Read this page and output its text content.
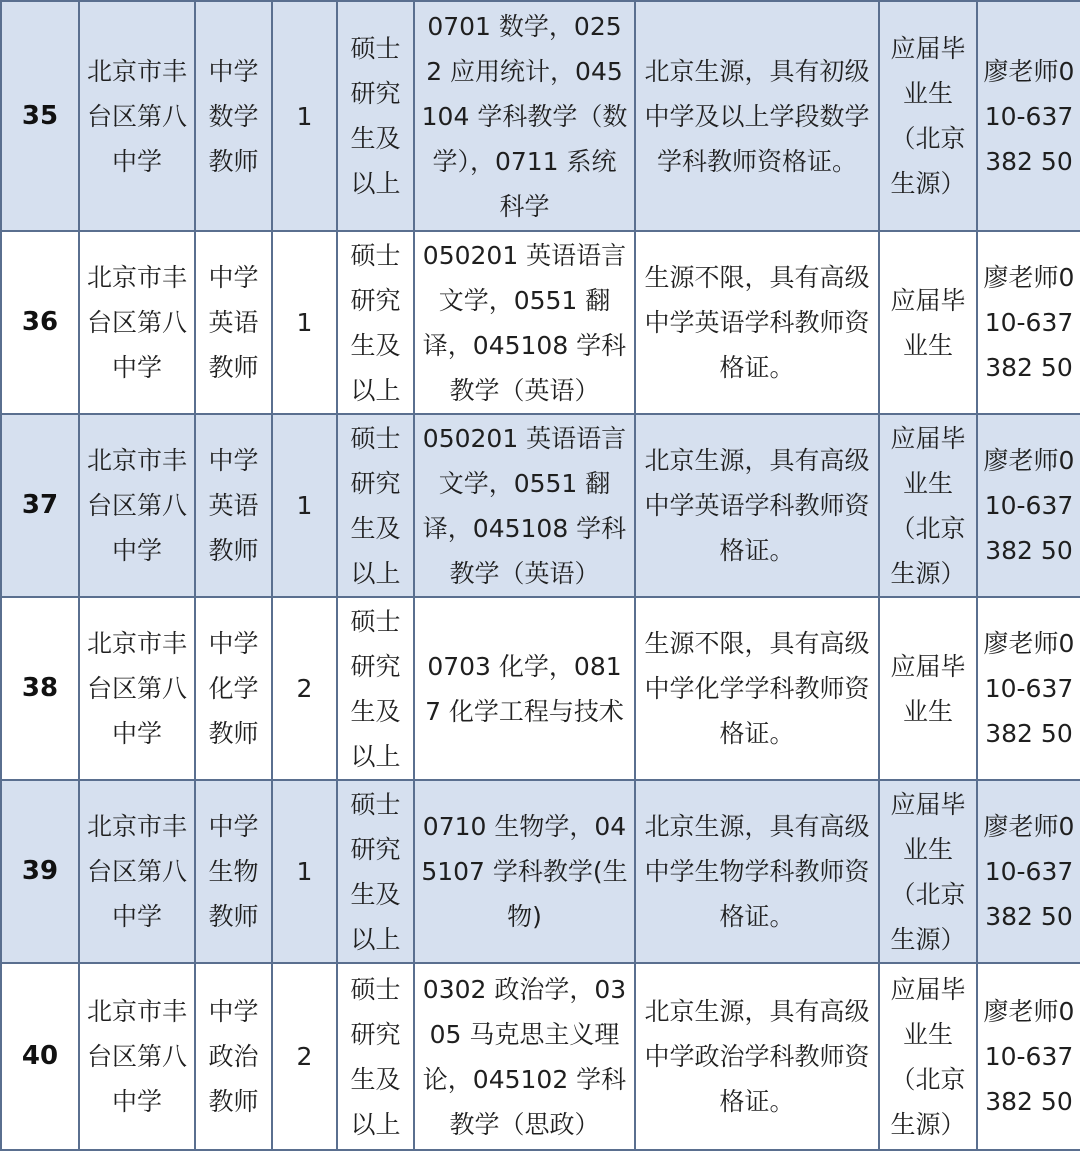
35	北京市丰台区第八中学	中学数学教师	1	硕士研究生及以上	0701 数学，0252 应用统计，045104 学科教学（数学），0711 系统科学	北京生源，具有初级中学及以上学段数学学科教师资格证。	应届毕业生（北京生源）	廖老师010-637382 50
36	北京市丰台区第八中学	中学英语教师	1	硕士研究生及以上	050201 英语语言文学，0551 翻译，045108 学科教学（英语）	生源不限，具有高级中学英语学科教师资格证。	应届毕业生	廖老师010-637382 50
37	北京市丰台区第八中学	中学英语教师	1	硕士研究生及以上	050201 英语语言文学，0551 翻译，045108 学科教学（英语）	北京生源，具有高级中学英语学科教师资格证。	应届毕业生（北京生源）	廖老师010-637382 50
38	北京市丰台区第八中学	中学化学教师	2	硕士研究生及以上	0703 化学，0817 化学工程与技术	生源不限，具有高级中学化学学科教师资格证。	应届毕业生	廖老师010-637382 50
39	北京市丰台区第八中学	中学生物教师	1	硕士研究生及以上	0710 生物学，045107 学科教学(生物)	北京生源，具有高级中学生物学科教师资格证。	应届毕业生（北京生源）	廖老师010-637382 50
40	北京市丰台区第八中学	中学政治教师	2	硕士研究生及以上	0302 政治学，0305 马克思主义理论，045102 学科教学（思政）	北京生源，具有高级中学政治学科教师资格证。	应届毕业生（北京生源）	廖老师010-637382 50
